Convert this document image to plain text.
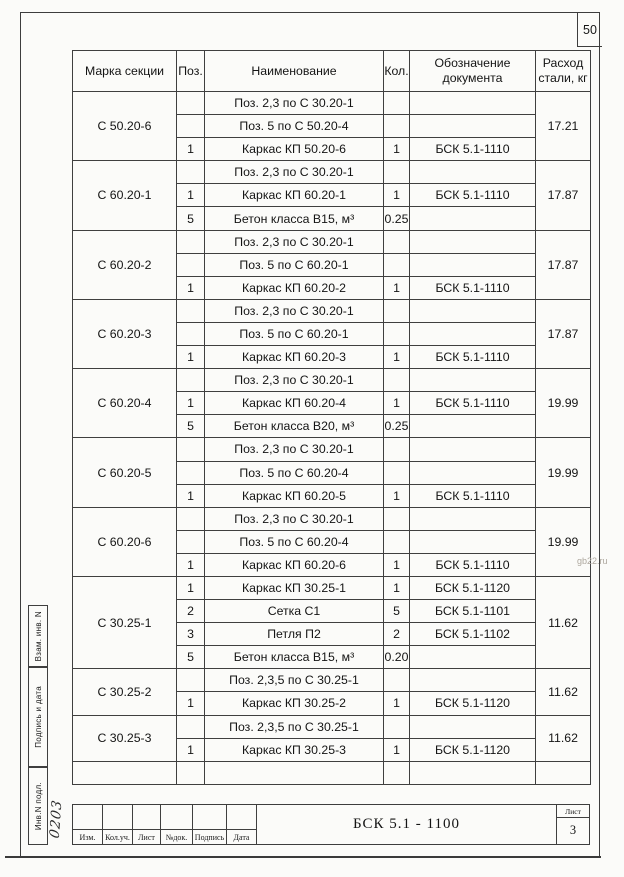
50
Марка секции	Поз.	Наименование	Кол.	Обозначение документа	Расход стали, кг
С 50.20-6		Поз. 2,3 по С 30.20-1			17.21
		Поз. 5 по С 50.20-4			
	1	Каркас КП 50.20-6	1	БСК 5.1-1110	
С 60.20-1		Поз. 2,3 по С 30.20-1			17.87
	1	Каркас КП 60.20-1	1	БСК 5.1-1110	
	5	Бетон класса В15, м³	0.25		
С 60.20-2		Поз. 2,3 по С 30.20-1			17.87
		Поз. 5 по С 60.20-1			
	1	Каркас КП 60.20-2	1	БСК 5.1-1110	
С 60.20-3		Поз. 2,3 по С 30.20-1			17.87
		Поз. 5 по С 60.20-1			
	1	Каркас КП 60.20-3	1	БСК 5.1-1110	
С 60.20-4		Поз. 2,3 по С 30.20-1			19.99
	1	Каркас КП 60.20-4	1	БСК 5.1-1110	
	5	Бетон класса В20, м³	0.25		
С 60.20-5		Поз. 2,3 по С 30.20-1			19.99
		Поз. 5 по С 60.20-4			
	1	Каркас КП 60.20-5	1	БСК 5.1-1110	
С 60.20-6		Поз. 2,3 по С 30.20-1			19.99
		Поз. 5 по С 60.20-4			
	1	Каркас КП 60.20-6	1	БСК 5.1-1110	
С 30.25-1	1	Каркас КП 30.25-1	1	БСК 5.1-1120	11.62
	2	Сетка С1	5	БСК 5.1-1101	
	3	Петля П2	2	БСК 5.1-1102	
	5	Бетон класса В15, м³	0.20		
С 30.25-2		Поз. 2,3,5 по С 30.25-1			11.62
	1	Каркас КП 30.25-2	1	БСК 5.1-1120	
С 30.25-3		Поз. 2,3,5 по С 30.25-1			11.62
	1	Каркас КП 30.25-3	1	БСК 5.1-1120	

Изм. Кол.уч. Лист №док. Подпись Дата
БСК 5.1 - 1100
Лист
3
Взам. инв. N
Подпись и дата
Инв.N подл. 0203
gb22.ru
